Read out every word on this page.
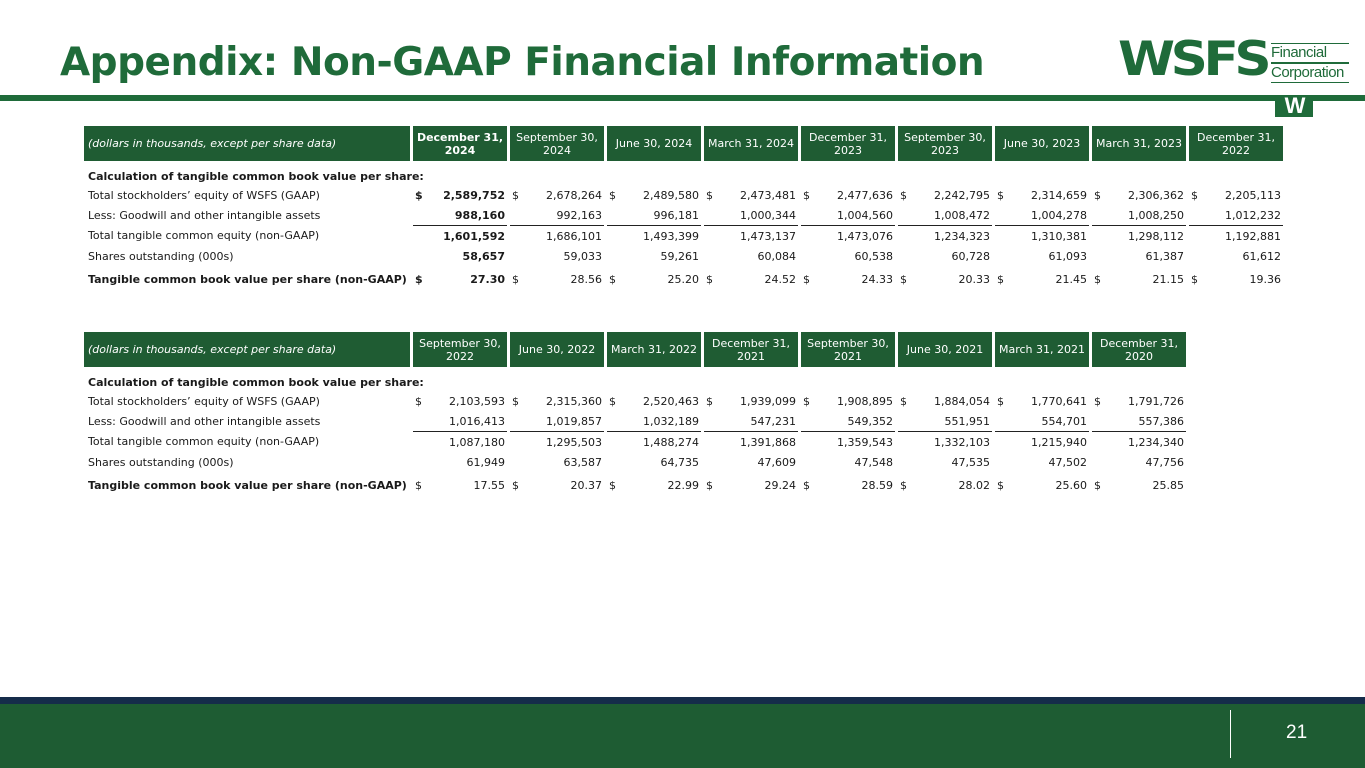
Appendix: Non-GAAP Financial Information	WSFS Financial
Corporation
W
(dollars in thousands, except per share data)		December 31, 2024			September 30, 2024			June 30, 2024			March 31, 2024			December 31, 2023			September 30, 2023			June 30, 2023			March 31, 2023			December 31, 2022	
Calculation of tangible common book value per share:																											
Total stockholders’ equity of WSFS (GAAP)		$	2,589,752		$	2,678,264		$	2,489,580		$	2,473,481		$	2,477,636		$	2,242,795		$	2,314,659		$	2,306,362		$	2,205,113
Less: Goodwill and other intangible assets			988,160			992,163			996,181			1,000,344			1,004,560			1,008,472			1,004,278			1,008,250			1,012,232
Total tangible common equity (non-GAAP)			1,601,592			1,686,101			1,493,399			1,473,137			1,473,076			1,234,323			1,310,381			1,298,112			1,192,881
Shares outstanding (000s)			58,657			59,033			59,261			60,084			60,538			60,728			61,093			61,387			61,612
Tangible common book value per share (non-GAAP)		$	27.30		$	28.56		$	25.20		$	24.52		$	24.33		$	20.33		$	21.45		$	21.15		$	19.36
(dollars in thousands, except per share data)		September 30, 2022			June 30, 2022			March 31, 2022			December 31, 2021			September 30, 2021			June 30, 2021			March 31, 2021			December 31, 2020	
Calculation of tangible common book value per share:																								
Total stockholders’ equity of WSFS (GAAP)		$	2,103,593		$	2,315,360		$	2,520,463		$	1,939,099		$	1,908,895		$	1,884,054		$	1,770,641		$	1,791,726
Less: Goodwill and other intangible assets			1,016,413			1,019,857			1,032,189			547,231			549,352			551,951			554,701			557,386
Total tangible common equity (non-GAAP)			1,087,180			1,295,503			1,488,274			1,391,868			1,359,543			1,332,103			1,215,940			1,234,340
Shares outstanding (000s)			61,949			63,587			64,735			47,609			47,548			47,535			47,502			47,756
Tangible common book value per share (non-GAAP)		$	17.55		$	20.37		$	22.99		$	29.24		$	28.59		$	28.02		$	25.60		$	25.85
21
